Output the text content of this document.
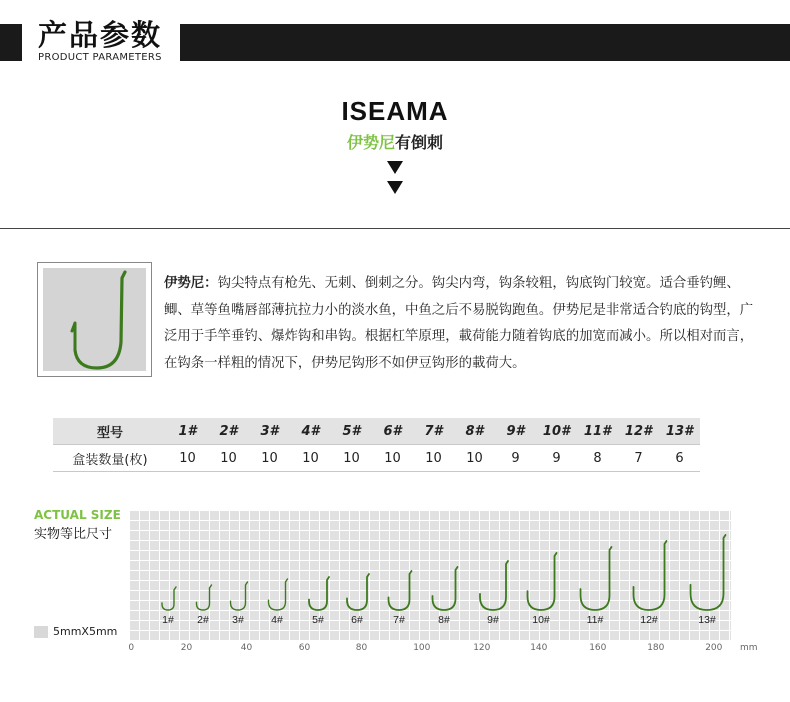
产品参数
PRODUCT PARAMETERS
ISEAMA
伊势尼有倒刺
伊势尼：钩尖特点有枪先、无刺、倒刺之分。钩尖内弯，钩条较粗，钩底钩门较宽。适合垂钓鲤、鲫、草等鱼嘴唇部薄抗拉力小的淡水鱼，中鱼之后不易脱钩跑鱼。伊势尼是非常适合钓底的钩型，广泛用于手竿垂钓、爆炸钩和串钩。根据杠竿原理，載荷能力随着钩底的加宽而减小。所以相对而言，在钩条一样粗的情况下，伊势尼钩形不如伊豆钩形的載荷大。
型号	1#	2#	3#	4#	5#	6#	7#	8#	9#	10#	11#	12#	13#
盒装数量(枚)	10	10	10	10	10	10	10	10	9	9	8	7	6
ACTUAL SIZE
实物等比尺寸
5mmX5mm
1# 2# 3#	4#	5#	6#	7#	8#	9#	10#	11#	12#	13#
0	20	40	60	80	100	120	140	160	180	200 mm
